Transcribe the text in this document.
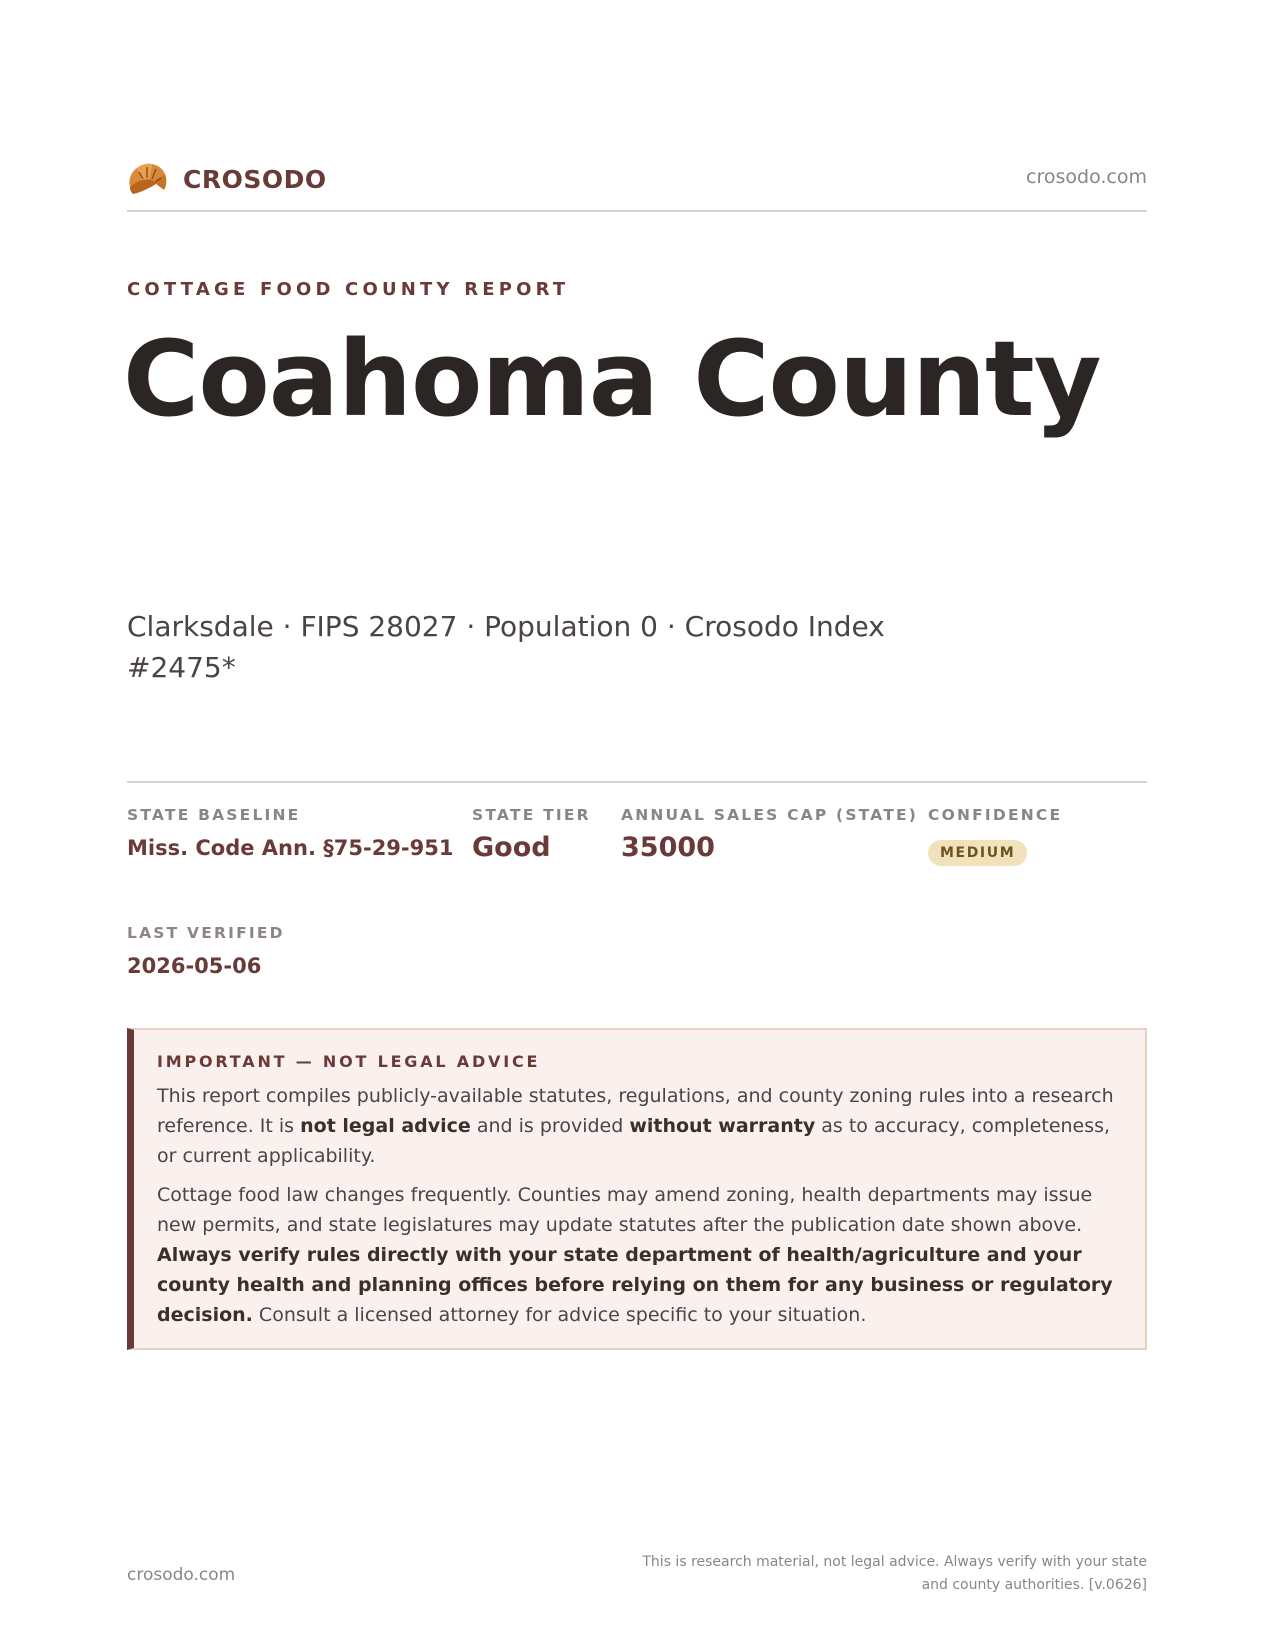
CROSODO	crosodo.com
COTTAGE FOOD COUNTY REPORT
Coahoma County
Clarksdale · FIPS 28027 · Population 0 · Crosodo Index #2475*
STATE BASELINE
Miss. Code Ann. §75-29-951
STATE TIER
Good
ANNUAL SALES CAP (STATE)
35000
CONFIDENCE
MEDIUM
LAST VERIFIED
2026-05-06
IMPORTANT — NOT LEGAL ADVICE

This report compiles publicly-available statutes, regulations, and county zoning rules into a research reference. It is not legal advice and is provided without warranty as to accuracy, completeness, or current applicability.

Cottage food law changes frequently. Counties may amend zoning, health departments may issue new permits, and state legislatures may update statutes after the publication date shown above. Always verify rules directly with your state department of health/agriculture and your county health and planning offices before relying on them for any business or regulatory decision. Consult a licensed attorney for advice specific to your situation.

crosodo.com
This is research material, not legal advice. Always verify with your state and county authorities. [v.0626]
